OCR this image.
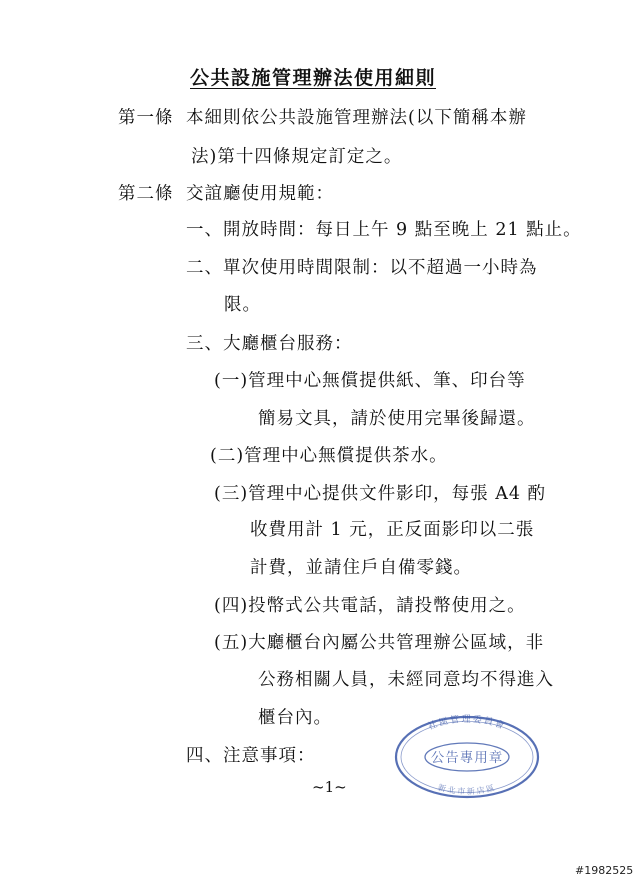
公共設施管理辦法使用細則
第一條 本細則依公共設施管理辦法(以下簡稱本辦
法)第十四條規定訂定之。
第二條 交誼廳使用規範：
一、開放時間：每日上午 9 點至晚上 21 點止。
二、單次使用時間限制：以不超過一小時為
限。
三、大廳櫃台服務：
(一)管理中心無償提供紙、筆、印台等
簡易文具，請於使用完畢後歸還。
(二)管理中心無償提供茶水。
(三)管理中心提供文件影印，每張 A4 酌
收費用計 1 元，正反面影印以二張
計費，並請住戶自備零錢。
(四)投幣式公共電話，請投幣使用之。
(五)大廳櫃台內屬公共管理辦公區域，非
公務相關人員，未經同意均不得進入
櫃台內。
四、注意事項：
~1~
社區管理委員會
新北市新店區
公告專用章
#1982525
